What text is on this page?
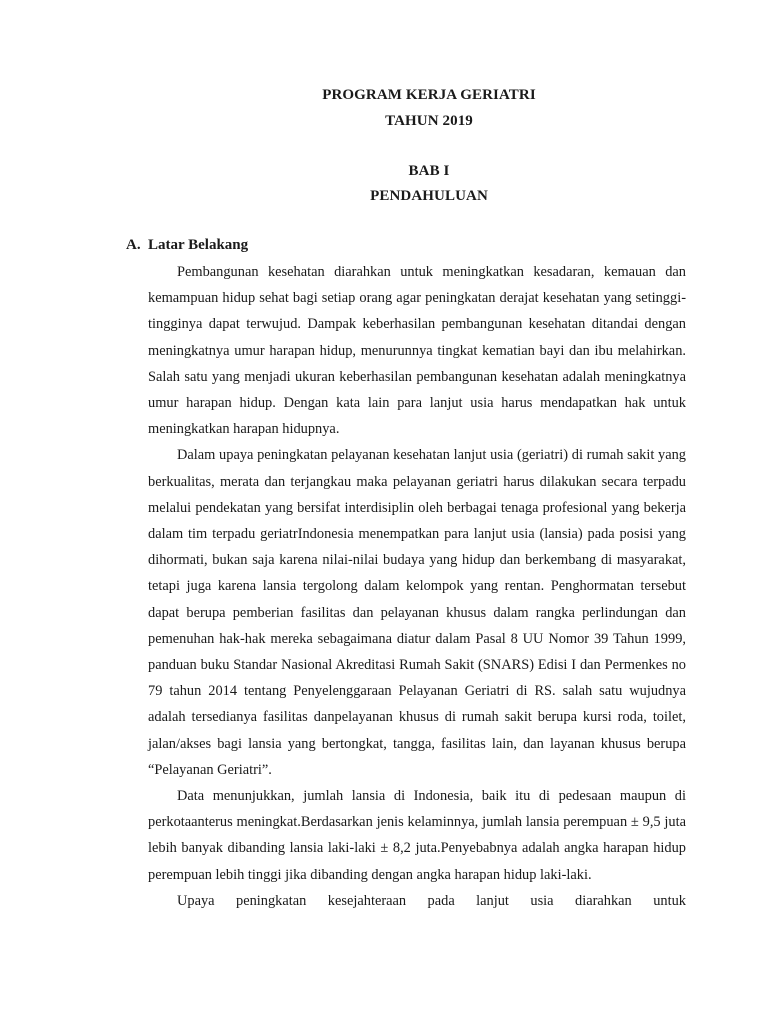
PROGRAM KERJA GERIATRI
TAHUN 2019
BAB I
PENDAHULUAN
A. Latar Belakang

Pembangunan kesehatan diarahkan untuk meningkatkan kesadaran, kemauan dan kemampuan hidup sehat bagi setiap orang agar peningkatan derajat kesehatan yang setinggi-tingginya dapat terwujud. Dampak keberhasilan pembangunan kesehatan ditandai dengan meningkatnya umur harapan hidup, menurunnya tingkat kematian bayi dan ibu melahirkan. Salah satu yang menjadi ukuran keberhasilan pembangunan kesehatan adalah meningkatnya umur harapan hidup. Dengan kata lain para lanjut usia harus mendapatkan hak untuk meningkatkan harapan hidupnya.

Dalam upaya peningkatan pelayanan kesehatan lanjut usia (geriatri) di rumah sakit yang berkualitas, merata dan terjangkau maka pelayanan geriatri harus dilakukan secara terpadu melalui pendekatan yang bersifat interdisiplin oleh berbagai tenaga profesional yang bekerja dalam tim terpadu geriatrIndonesia menempatkan para lanjut usia (lansia) pada posisi yang dihormati, bukan saja karena nilai-nilai budaya yang hidup dan berkembang di masyarakat, tetapi juga karena lansia tergolong dalam kelompok yang rentan. Penghormatan tersebut dapat berupa pemberian fasilitas dan pelayanan khusus dalam rangka perlindungan dan pemenuhan hak-hak mereka sebagaimana diatur dalam Pasal 8 UU Nomor 39 Tahun 1999, panduan buku Standar Nasional Akreditasi Rumah Sakit (SNARS) Edisi I dan Permenkes no 79 tahun 2014 tentang Penyelenggaraan Pelayanan Geriatri di RS. salah satu wujudnya adalah tersedianya fasilitas danpelayanan khusus di rumah sakit berupa kursi roda, toilet, jalan/akses bagi lansia yang bertongkat, tangga, fasilitas lain, dan layanan khusus berupa “Pelayanan Geriatri”.

Data menunjukkan, jumlah lansia di Indonesia, baik itu di pedesaan maupun di perkotaanterus meningkat.Berdasarkan jenis kelaminnya, jumlah lansia perempuan ± 9,5 juta lebih banyak dibanding lansia laki-laki ± 8,2 juta.Penyebabnya adalah angka harapan hidup perempuan lebih tinggi jika dibanding dengan angka harapan hidup laki-laki.

Upaya peningkatan kesejahteraan pada lanjut usia diarahkan untuk
